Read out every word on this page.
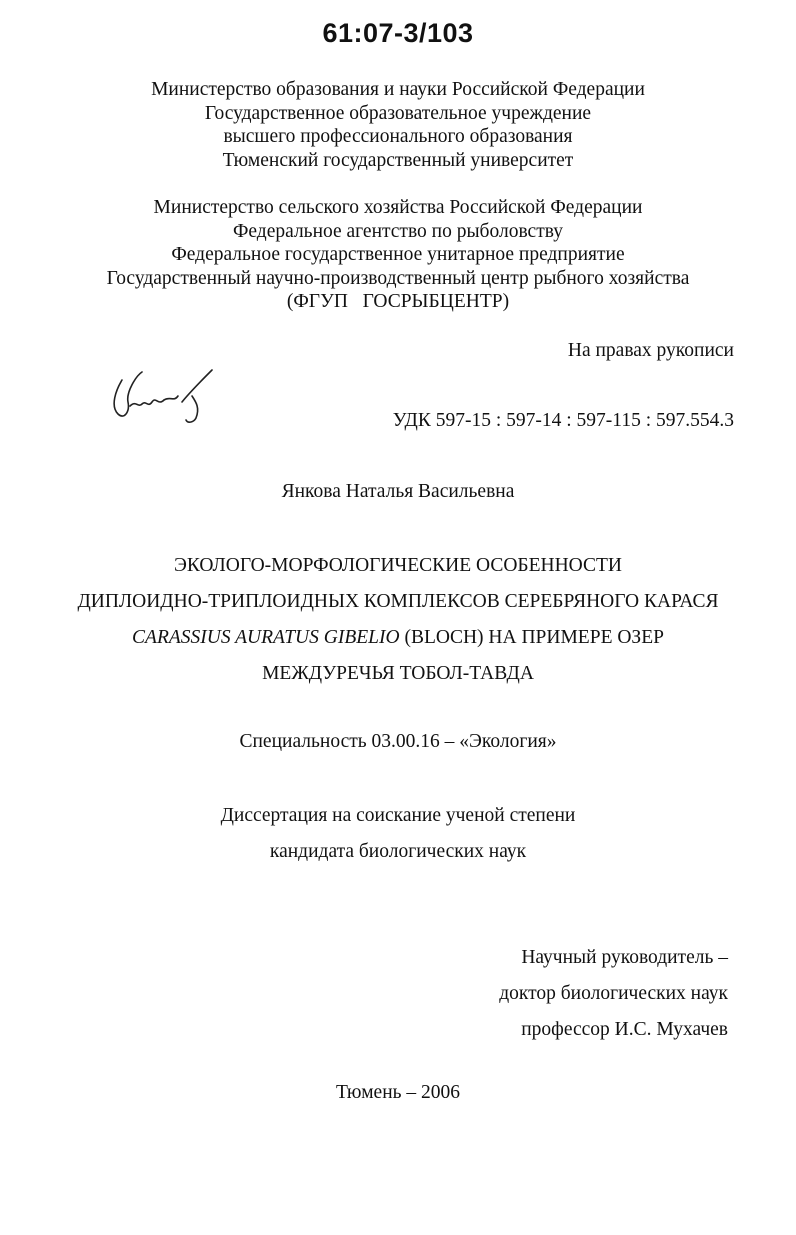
61:07-3/103
Министерство образования и науки Российской Федерации
Государственное образовательное учреждение
высшего профессионального образования
Тюменский государственный университет
Министерство сельского хозяйства Российской Федерации
Федеральное агентство по рыболовству
Федеральное государственное унитарное предприятие
Государственный научно-производственный центр рыбного хозяйства
(ФГУП   ГОСРЫБЦЕНТР)
На правах рукописи
УДК 597-15 : 597-14 : 597-115 : 597.554.3
Янкова Наталья Васильевна
ЭКОЛОГО-МОРФОЛОГИЧЕСКИЕ ОСОБЕННОСТИ
ДИПЛОИДНО-ТРИПЛОИДНЫХ КОМПЛЕКСОВ СЕРЕБРЯНОГО КАРАСЯ
CARASSIUS AURATUS GIBELIO (BLOCH) НА ПРИМЕРЕ ОЗЕР
МЕЖДУРЕЧЬЯ ТОБОЛ-ТАВДА
Специальность 03.00.16 – «Экология»
Диссертация на соискание ученой степени
кандидата биологических наук
Научный руководитель –
доктор биологических наук
профессор И.С. Мухачев
Тюмень – 2006
